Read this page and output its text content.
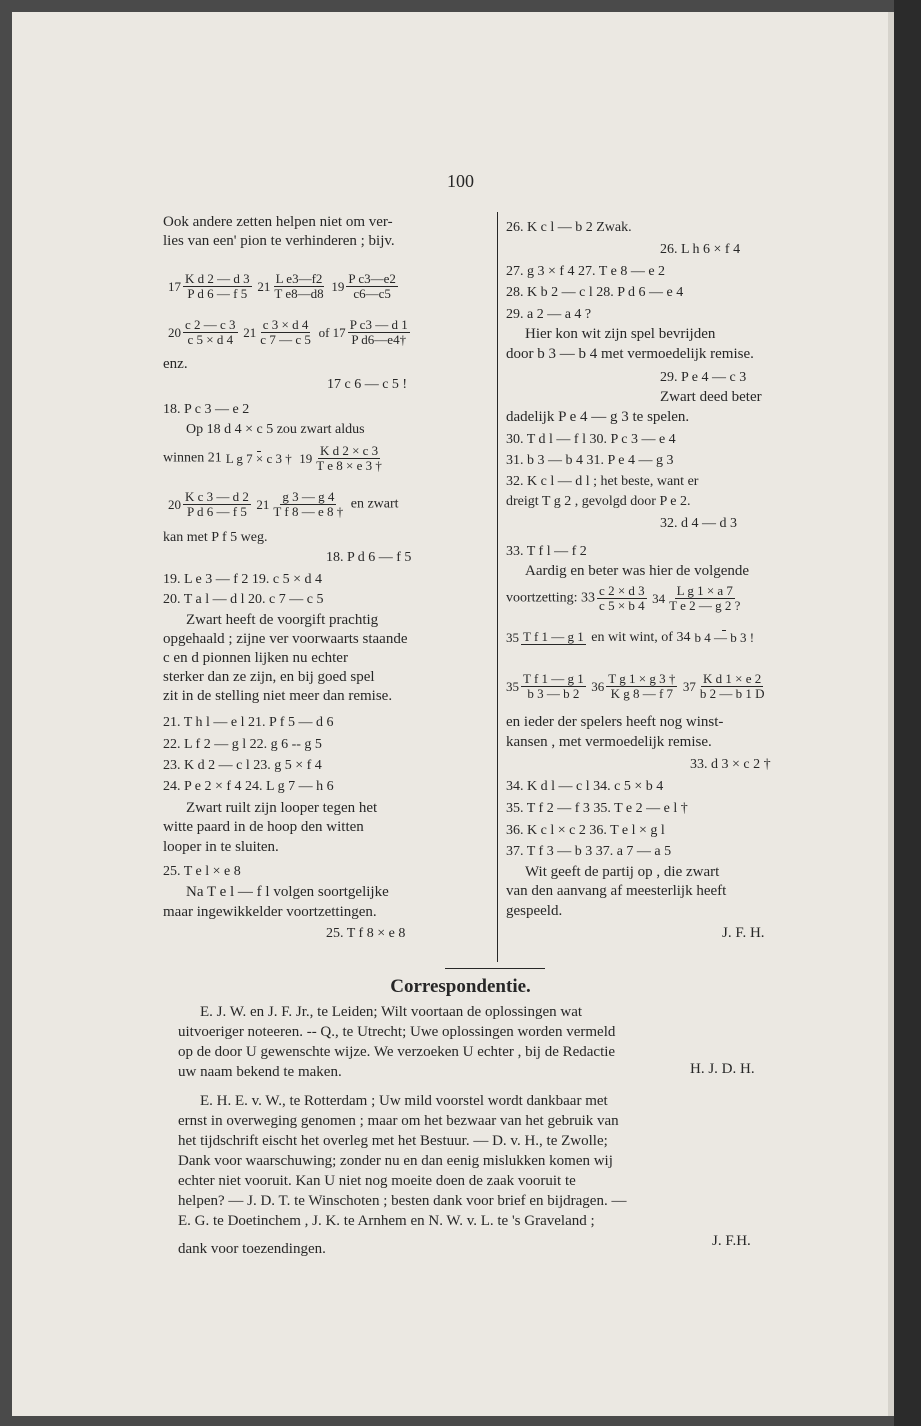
100
Ook andere zetten helpen niet om ver-
lies van een' pion te verhinderen ; bijv.
$17 \frac{\text{K d 2 — d 3}}{\text{P d 6 — f 5}} 21 \frac{\text{L e3—f2}}{\text{T e8—d8}} 19 \frac{\text{P c3—e2}}{c6—c5}$
$20 \frac{c 2 — c 3}{c 5 \times d 4} 21 \frac{c 3 \times d 4}{c 7 — c 5}$ of $17 \frac{\text{P c3 — d 1}}{\text{P d6—e4†}}$
enz.
17 c 6 — c 5 !
18. P c 3 — e 2
Op 18 d 4 × c 5 zou zwart aldus
winnen 21 L g 7 × c 3 † $19 \frac{\text{K d 2 × c 3}}{\text{T e 8 × e 3 †}}$
$20 \frac{\text{K c 3 — d 2}}{\text{P d 6 — f 5}} 21 \frac{g 3 — g 4}{\text{T f 8 — e 8 †}}$ en zwart
kan met P f 5 weg.
18. P d 6 — f 5
19. L e 3 — f 2 19. c 5 × d 4
20. T a l — d l 20. c 7 — c 5
Zwart heeft de voorgift prachtig
opgehaald ; zijne ver voorwaarts staande
c en d pionnen lijken nu echter
sterker dan ze zijn, en bij goed spel
zit in de stelling niet meer dan remise.
21. T h l — e l 21. P f 5 — d 6
22. L f 2 — g l 22. g 6 -- g 5
23. K d 2 — c l 23. g 5 × f 4
24. P e 2 × f 4 24. L g 7 — h 6
Zwart ruilt zijn looper tegen het
witte paard in de hoop den witten
looper in te sluiten.
25. T e l × e 8
Na T e l — f l volgen soortgelijke
maar ingewikkelder voortzettingen.
25. T f 8 × e 8
26. K c l — b 2 Zwak.
26. L h 6 × f 4
27. g 3 × f 4 27. T e 8 — e 2
28. K b 2 — c l 28. P d 6 — e 4
29. a 2 — a 4 ?
Hier kon wit zijn spel bevrijden
door b 3 — b 4 met vermoedelijk remise.
29. P e 4 — c 3
Zwart deed beter
dadelijk P e 4 — g 3 te spelen.
30. T d l — f l 30. P c 3 — e 4
31. b 3 — b 4 31. P e 4 — g 3
32. K c l — d l ; het beste, want er
dreigt T g 2 , gevolgd door P e 2.
32. d 4 — d 3
33. T f l — f 2
Aardig en beter was hier de volgende
voortzetting: $33 \frac{c 2 \times d 3}{c 5 \times b 4} 34 \frac{\text{L g 1 × a 7}}{\text{T e 2 — g 2 ?}}$
35 T f 1 — g 1 en wit wint, of 34 b 4 — b 3 !
$35 \frac{\text{T f 1 — g 1}}{b 3 — b 2} 36 \frac{\text{T g 1 × g 3 †}}{\text{K g 8 — f 7}} 37 \frac{\text{K d 1 × e 2}}{b 2 — b 1 D}$
en ieder der spelers heeft nog winst-
kansen , met vermoedelijk remise.
33. d 3 × c 2 †
34. K d l — c l 34. c 5 × b 4
35. T f 2 — f 3 35. T e 2 — e l †
36. K c l × c 2 36. T e l × g l
37. T f 3 — b 3 37. a 7 — a 5
Wit geeft de partij op , die zwart
van den aanvang af meesterlijk heeft
gespeeld.
J. F. H.
Correspondentie.
E. J. W. en J. F. Jr., te Leiden; Wilt voortaan de oplossingen wat
uitvoeriger noteeren. -- Q., te Utrecht; Uwe oplossingen worden vermeld
op de door U gewenschte wijze. We verzoeken U echter , bij de Redactie
uw naam bekend te maken.	H. J. D. H.
E. H. E. v. W., te Rotterdam ; Uw mild voorstel wordt dankbaar met
ernst in overweging genomen ; maar om het bezwaar van het gebruik van
het tijdschrift eischt het overleg met het Bestuur. — D. v. H., te Zwolle;
Dank voor waarschuwing; zonder nu en dan eenig mislukken komen wij
echter niet vooruit. Kan U niet nog moeite doen de zaak vooruit te
helpen? — J. D. T. te Winschoten ; besten dank voor brief en bijdragen. —
E. G. te Doetinchem , J. K. te Arnhem en N. W. v. L. te 's Graveland ;
dank voor toezendingen.	J. F.H.
